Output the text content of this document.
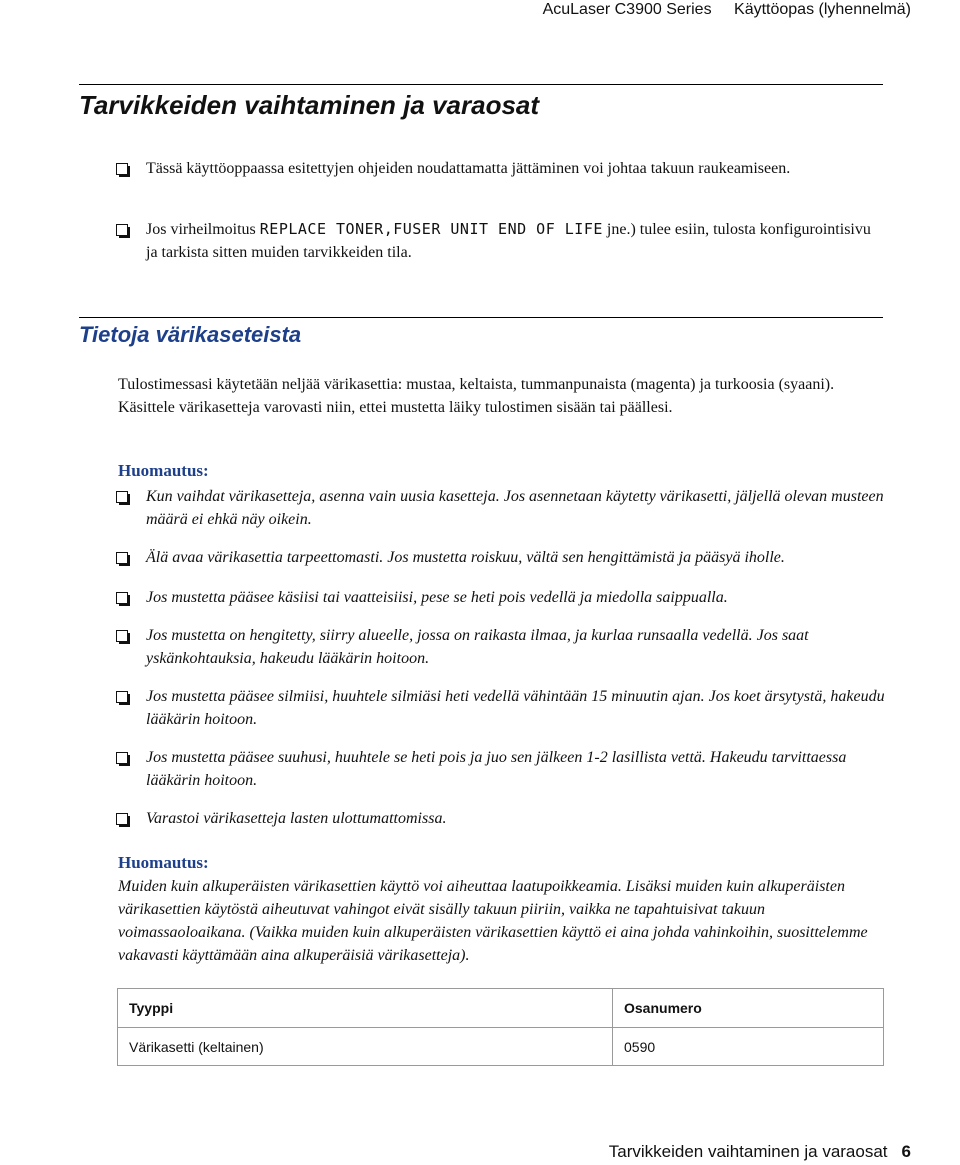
AcuLaser C3900 Series Käyttöopas (lyhennelmä)
Tarvikkeiden vaihtaminen ja varaosat
Tässä käyttöoppaassa esitettyjen ohjeiden noudattamatta jättäminen voi johtaa takuun raukeamiseen.
Jos virheilmoitus REPLACE TONER,FUSER UNIT END OF LIFE jne.) tulee esiin, tulosta konfigurointisivu ja tarkista sitten muiden tarvikkeiden tila.
Tietoja värikaseteista
Tulostimessasi käytetään neljää värikasettia: mustaa, keltaista, tummanpunaista (magenta) ja turkoosia (syaani). Käsittele värikasetteja varovasti niin, ettei mustetta läiky tulostimen sisään tai päällesi.
Huomautus:
Kun vaihdat värikasetteja, asenna vain uusia kasetteja. Jos asennetaan käytetty värikasetti, jäljellä olevan musteen määrä ei ehkä näy oikein.
Älä avaa värikasettia tarpeettomasti. Jos mustetta roiskuu, vältä sen hengittämistä ja pääsyä iholle.
Jos mustetta pääsee käsiisi tai vaatteisiisi, pese se heti pois vedellä ja miedolla saippualla.
Jos mustetta on hengitetty, siirry alueelle, jossa on raikasta ilmaa, ja kurlaa runsaalla vedellä. Jos saat yskänkohtauksia, hakeudu lääkärin hoitoon.
Jos mustetta pääsee silmiisi, huuhtele silmiäsi heti vedellä vähintään 15 minuutin ajan. Jos koet ärsytystä, hakeudu lääkärin hoitoon.
Jos mustetta pääsee suuhusi, huuhtele se heti pois ja juo sen jälkeen 1-2 lasillista vettä. Hakeudu tarvittaessa lääkärin hoitoon.
Varastoi värikasetteja lasten ulottumattomissa.
Huomautus:
Muiden kuin alkuperäisten värikasettien käyttö voi aiheuttaa laatupoikkeamia. Lisäksi muiden kuin alkuperäisten värikasettien käytöstä aiheutuvat vahingot eivät sisälly takuun piiriin, vaikka ne tapahtuisivat takuun voimassaoloaikana. (Vaikka muiden kuin alkuperäisten värikasettien käyttö ei aina johda vahinkoihin, suosittelemme vakavasti käyttämään aina alkuperäisiä värikasetteja).
Tyyppi	Osanumero
Värikasetti (keltainen)	0590
Tarvikkeiden vaihtaminen ja varaosat 6
